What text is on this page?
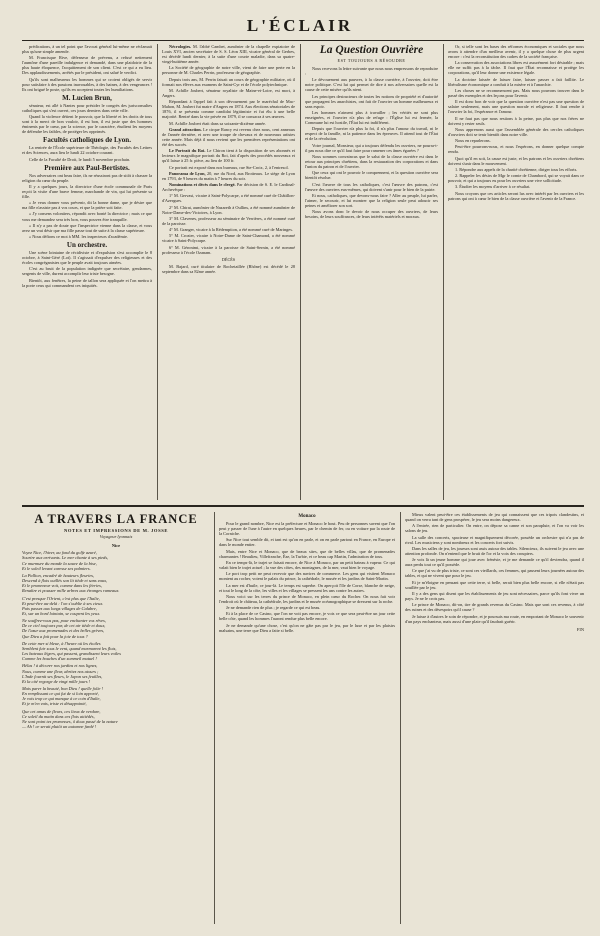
L'ÉCLAIR

prédications, à un tel point que l'avocat général lui-même ne réclamait plus qu'une simple amende.

M. Francisque Rive, défenseur de prévenu, a refusé nettement l'aumône d'une pareille indulgence et demandé, dans une plaidoirie de la plus haute éloquence, l'acquittement de son client. C'est ce qui a eu lieu. Des applaudissements, arrêtés par le président, ont salué le verdict.

Qu'ils sont malheureux les hommes qui se croient obligés de servir pour satisfaire à des passions inavouables, à des haines, à des vengeances ! Ils ont brigué le poste, qu'ils en acceptent toutes les humiliations.

M. Lucien Brun,

sénateur, est allé à Nantes pour présider le congrès des jurisconsultes catholiques qui s'est ouvert, ces jours derniers dans cette ville.

Quand la violence détient le pouvoir, que la liberté et les droits de tous sont à la merci de bon vouloir, il est bon, il est juste que des hommes éminents par le cœur, par la science, par le caractère, étudient les moyens de défendre les faibles, de protéger les opprimés.

Facultés catholiques de Lyon.

La rentrée de l'École supérieure de Théologie, des Facultés des Lettres et des Sciences, aura lieu le lundi 22 octobre courant.

Celle de la Faculté de Droit, le lundi 5 novembre prochain.

Première aux Paul-Bertistes.

Nos adversaires ont beau faire, ils ne réussiront pas de sitôt à chasser la religion du cœur du peuple.

Il y a quelques jours, la directrice d'une école communale de Paris reçoit la visite d'une brave femme, marchande de vin, qui lui présente sa fille.

« Je veux donner vous prévenir, dit la bonne dame, que je désire que ma fille n'assiste pas à vos cours, et que la prière soit faite.

« J'y consens volontiers, répondit avec bonté la directrice ; mais ce que vous me demandez sera très bon, vous pouvez être tranquille.

« Il n'y a pas de doute que l'inspectrice vienne dans la classe, et vous avez un vrai désir que ma fille passe tout de suite à la classe supérieure.

« Nous défions ce mot à MM. les inspecteurs d'académie.

Un orchestre.

Une scène lointaine de récidiviste et d'expulsion s'est accomplie le 8 octobre, à Saint-Géré (Lot). Il s'agissait d'expulser des religieuses et des écoles congréganistes que le peuple avait toujours aimées.

C'est au bruit de la population indignée que secrétaire, gendarmes, sergents de ville, durent accomplir leur triste besogne.

Bientôt, aux fenêtres, la peine de tallon sera appliquée et l'on mettra à la porte ceux qui commandent ces iniquités.

Nécrologies. M. l'abbé Cambet, aumônier de la chapelle expiatoire de Louis XVI, ancien secrétaire de S. S. Léon XIII, vicaire général de Gerbes, est décédé lundi dernier, à la suite d'une courte maladie, dans sa quatre-vingt-huitième année.

La Société de géographie de notre ville, vient de faire une perte en la personne de M. Charles Perrin, professeur de géographie.

Depuis trois ans, M. Perrin faisait un cours de géographie militaire, où il formait nos élèves aux examens de Saint-Cyr et de l'école polytechnique.

M. Achille Joubert, sénateur royaliste de Maine-et-Loire, est mort, à Angers.

Répondant à l'appel fait à son dévouement par le maréchal de Mac-Mahon, M. Joubert fut maire d'Angers en 1874. Aux élections sénatoriales de 1876, il se présenta comme candidat légitimiste et fut élu à une belle majorité. Rentré dans la vie privée en 1879, il se consacra à ses œuvres.

M. Achille Joubert était dans sa soixante-dixième année.

Grand attraction. Le cirque Rancy est revenu chez nous, cent anneaux de l'année dernière, et avec une troupe de chevaux et de nouveaux artistes cette année. Mais déjà il nous revient que les premières représentations ont été des succès.

Le Portrait du Roi. Le Chiron tient à la disposition de ses abonnés et lecteurs le magnifique portrait du Roi, fait d'après des procédés nouveaux et qu'il laisse à 25 fr. pièce, au lieu de 100 fr.

Ce portrait est exposé dans nos bureaux, rue Ste-Croix, 2, à l'entresol.

Panorama de Lyon, 20, rue du Nord, aux Brotteaux. Le siège de Lyon en 1793, de 9 heures du matin à 7 heures du soir.

Nominations et décès dans le clergé. Par décision de S. E. le Cardinal-Archevêque :

1° M. Gervasi, vicaire à Saint-Polycarpe, a été nommé curé de Châtillon-d'Azergues.

2° M. Chirat, aumônier de Nazareth à Oullins, a été nommé aumônier de Notre-Dame-des-Victoires, à Lyon.

3° M. Clavenes, professeur au séminaire de Verrières, a été nommé curé de la paroisse.

4° M. Granger, vicaire à la Rédemption, a été nommé curé de Maringes.

5° M. Crozier, vicaire à Notre-Dame de Saint-Chamond, a été nommé vicaire à Saint-Polycarpe.

6° M. Géronimi, vicaire à la paroisse de Saint-Sernin, a été nommé professeur à l'école Ozanam.

DÉCÈS

M. Bajard, curé titulaire de Rochetaillée (Rhône) est décédé le 28 septembre dans sa 82me année.

La Question Ouvrière
EST TOUJOURS A RÉSOUDRE

Nous recevons la lettre suivante que nous nous empressons de reproduire :

Le dévouement aux pauvres, à la classe ouvrière, à l'ouvrier, doit être notre politique. C'est lui qui permet de dire à nos adversaires quelle est la cause de cette misère qu'ils nient.

Les principes destructeurs de toutes les notions de propriété et d'autorité que propagent les anarchistes, ont fait de l'ouvrier un homme malheureux et sans espoir.

Les hommes n'aiment plus à travailler ; les vérités ne sont plus enseignées, et l'ouvrier n'a plus de refuge : l'Église lui est fermée, la Commune lui est hostile, l'État lui est indifférent.

Depuis que l'ouvrier n'a plus la foi, il n'a plus l'amour du travail, ni le respect de la famille, ni la patience dans les épreuves. Il attend tout de l'État et de la révolution.

Votre journal, Monsieur, qui a toujours défendu les ouvriers, ne pourra-t-il pas nous dire ce qu'il faut faire pour ramener ces âmes égarées ?

Nous sommes convaincus que le salut de la classe ouvrière est dans le retour aux principes chrétiens, dans la restauration des corporations et dans l'union du patron et de l'ouvrier.

Que ceux qui ont le pouvoir le comprennent, et la question ouvrière sera bientôt résolue.

C'est l'œuvre de tous les catholiques, c'est l'œuvre des patrons, c'est l'œuvre des ouvriers eux-mêmes, qui doivent s'unir pour le bien de la patrie.

Et nous, catholiques, que devons-nous faire ? Aller au peuple, lui parler, l'aimer, le secourir, et lui montrer que la religion seule peut adoucir ses peines et améliorer son sort.

Nous avons donc le devoir de nous occuper des ouvriers, de leurs besoins, de leurs souffrances, de leurs intérêts matériels et moraux.

Or, si telle sont les bases des réformes économiques et sociales que nous avons à attendre d'un meilleur avenir, il y a quelque chose de plus urgent encore : c'est la reconstitution des cadres de la société française.

La conservation des associations libres est assurément fort désirable ; mais elle ne suffit pas à la tâche. Il faut que l'État reconnaisse et protège les corporations, qu'il leur donne une existence légale.

La doctrine laissée de laisser faire, laisser passer a fait faillite. Le libéralisme économique a conduit à la misère et à l'anarchie.

Les choses ne se recommencent pas. Mais nous pouvons trouver dans le passé des exemples et des leçons pour l'avenir.

Il est donc bon de voir que la question ouvrière n'est pas une question de salaire seulement, mais une question morale et religieuse. Il faut rendre à l'ouvrier la foi, l'espérance et l'amour.

Il ne faut pas que nous restions à la peine, pas plus que nos frères ne doivent y rester seuls.

Nous apprenons aussi que l'assemblée générale des cercles catholiques d'ouvriers doit se tenir bientôt dans notre ville.

Nous en reparlerons.

Peut-être pourrons-nous, et nous l'espérons, en donner quelque compte rendu.

Quoi qu'il en soit, la cause est juste, et les patrons et les ouvriers chrétiens doivent s'unir dans le mouvement.

1. Répondre aux appels de la charité chrétienne, diriger tous les efforts.

2. Rappeler les désirs de Mgr le comte de Chambord, qui se voyait dans ce pouvoir, et qui a toujours eu pour les ouvriers une vive sollicitude.

3. Étudier les moyens d'arriver à ce résultat.

Nous croyons que ces articles seront lus avec intérêt par les ouvriers et les patrons qui ont à cœur le bien de la classe ouvrière et l'avenir de la France.

A TRAVERS LA FRANCE
NOTES ET IMPRESSIONS DE M. JOSSE
Voyageur lyonnais
Nice
Voyez Nice, l'hiver, au fond du golfe azuré,
Sourire aux arrivants. Le mer chante à ses pieds,
Ce murmure du monde la sauve de la bise,
Et le soleil levant caresse ses palmiers.
La Pallion, encadré de hauteurs fleuries,
Descend à flots ouillés son lit tiède et sans eaux,
Et le promeneur voit, comme dans les féeries,
Renaître et pousser mille arbres aux étranges rameaux.
C'est presque l'Orient, c'est plus que l'Italie,
Et peut-être au-delà : l'on s'oublie à ses cieux.
Puis passez aux longs villages de Calabre,
Et, sur un bord lointain, se coupent les yeux.
Ne souffrez-vous pas, pour enchanter vos rêves,
De ce ciel toujours pur, de cet air tiède et doux,
De l'azur aux promenades et des belles grèves,
Que Dieu a fait pour la joie de tous ?
De cette mer si bleue, à l'heure où les étoiles
Semblent fuir sous le vent, quand murmurent les flots,
Les bateaux légers, qui passent, grandissent leurs voiles
Comme les bouches d'un sommeil mutuel !
Hélas ! à décorer nos jardins et nos lignes,
Nous, comme une fleur, abritez nos atours ;
L'Inde fournit ses fleurs, le Japon ses feuilles,
Et la cité regorge de vingt mille jours !
Mais parer la beauté, bon Dieu ! quelle folie !
En remplissant ce qui fut de si loin apporté,
Je vois trop ce qui manque à ce coin d'Italie,
Et je m'en vais, triste et désappointé,
Que cet amas de fleurs, ces lieux de verdure,
Ce soleil du matin dans ces flots attiédés,
Ne sont point tes promesses, ô doux passé de la nature
— Ah ! ce serait plutôt un automne fardé !
Monaco

Pour le grand nombre, Nice est la préfecture et Monaco le bout. Peu de personnes savent que l'on peut y passer de l'une à l'autre en quelques heures, par le chemin de fer, ou en voiture par la route de la Corniche.

Sur Nice tout semble dit, et tant est qu'on en parle, et on en parle partout en France, en Europe et dans le monde entier.

Mais, entre Nice et Monaco, que de beaux sites, que de belles villas, que de promenades charmantes ! Beaulieu, Villefranche, Èze, la Turbie, et ce beau cap Martin, l'admiration de tous.

En ce temps-là, le trajet se faisait encore, de Nice à Monaco, par un petit bateau à vapeur. Ce qui valait bien le trajet actuel ; la vue des côtes, des montagnes, de la mer, vaut bien le voyage.

Le port trop petit ne peut recevoir que des navires de commerce. Les gens qui visitent Monaco montent au rocher, voient le palais du prince, la cathédrale, le musée et les jardins de Saint-Martin.

La mer est d'huile, ce jour-là. Le temps est superbe. On aperçoit l'île de Corse, blanche de neige, et tout le long de la côte, les villes et les villages se pressent les uns contre les autres.

Nous voici sur les terres du prince de Monaco, en plein cœur du Rocher. On nous fait voir l'endroit où le château, la cathédrale, les jardins et le musée océanographique se dressent sur la roche.

Je ne demande rien de plus ; je regarde ce qui est beau.

Et à la place de ce Casino, que l'on ne voit pas encore, je vois ce que sera peut-être un jour cette belle côte, quand les hommes l'auront rendue plus belle encore.

Je ne demande qu'une chose, c'est qu'on ne gâte pas par le jeu, par le luxe et par les plaisirs malsains, une terre que Dieu a faite si belle.

Mieux valent peut-être ces établissements de jeu qui connaissent que ces tripots clandestins, et quand on verra tant de gens prospérer, le jeu sera moins dangereux.

A l'entrée, rien de particulier. On entre, on dépose sa canne et son parapluie, et l'on va voir les salons de jeu.

La salle des concerts, spacieuse et magnifiquement décorée, possède un orchestre qui n'a pas de rival. Les musiciens y sont nombreux et les concerts fort suivis.

Dans les salles de jeu, les joueurs sont assis autour des tables. Silencieux, ils suivent le jeu avec une attention profonde. On n'entend que le bruit de l'or et la voix des croupiers.

Je vois là un jeune homme qui joue avec frénésie, et je me demande ce qu'il deviendra, quand il aura perdu tout ce qu'il possède.

Ce que j'ai vu de plus triste, ce sont ces vieillards, ces femmes, qui passent leurs journées autour des tables, et qui ne vivent que pour le jeu.

Et je m'éloigne en pensant que cette terre, si belle, serait bien plus belle encore, si elle n'était pas souillée par le jeu.

Il y a des gens qui disent que les établissements de jeu sont nécessaires, parce qu'ils font vivre un pays. Je ne le crois pas.

Le prince de Monaco, dit-on, tire de grands revenus du Casino. Mais que sont ces revenus, à côté des ruines et des désespoirs qu'il cause ?

Je laisse à d'autres le soin de répondre, et je poursuis ma route, en emportant de Monaco le souvenir d'un pays enchanteur, mais aussi d'une plaie qu'il faudrait guérir.

FIN
